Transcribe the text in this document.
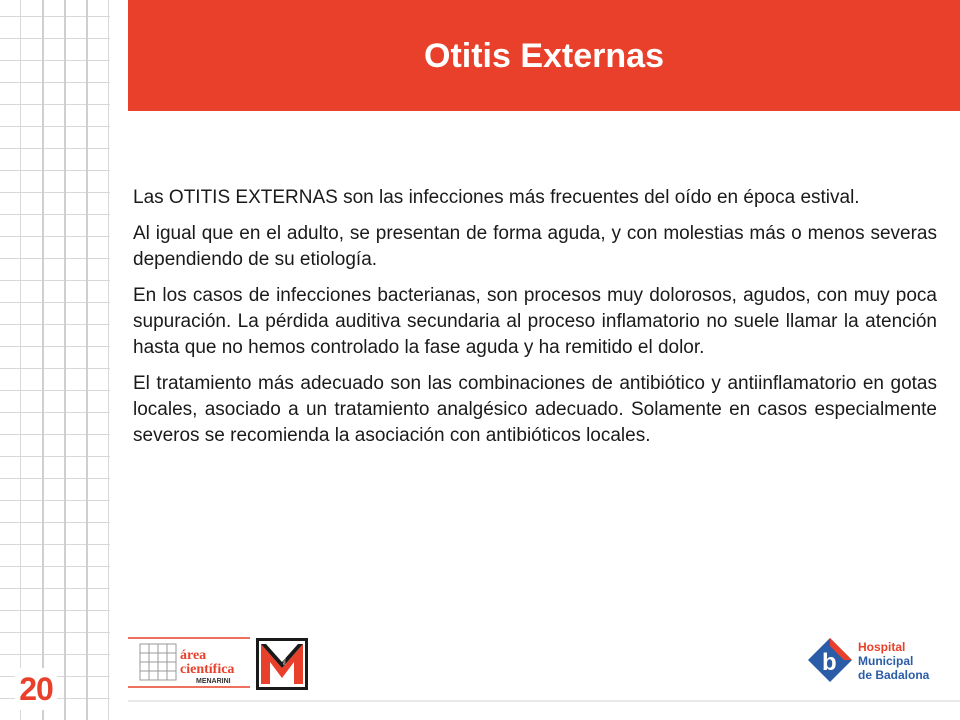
Otitis Externas

Las OTITIS EXTERNAS son las infecciones más frecuentes del oído en época estival.

Al igual que en el adulto, se presentan de forma aguda, y con molestias más o menos severas dependiendo de su etiología.

En los casos de infecciones bacterianas, son procesos muy dolorosos, agudos, con muy poca supuración. La pérdida auditiva secundaria al proceso inflamatorio no suele llamar la atención hasta que no hemos controlado la fase aguda y ha remitido el dolor.

El tratamiento más adecuado son las combinaciones de antibiótico y antiinflamatorio en gotas locales, asociado a un tratamiento analgésico adecuado. Solamente en casos especialmente severos se recomienda la asociación con antibióticos locales.

20
área
científica
MENARINI
MENARINI	b
Hospital
Municipal
de Badalona
